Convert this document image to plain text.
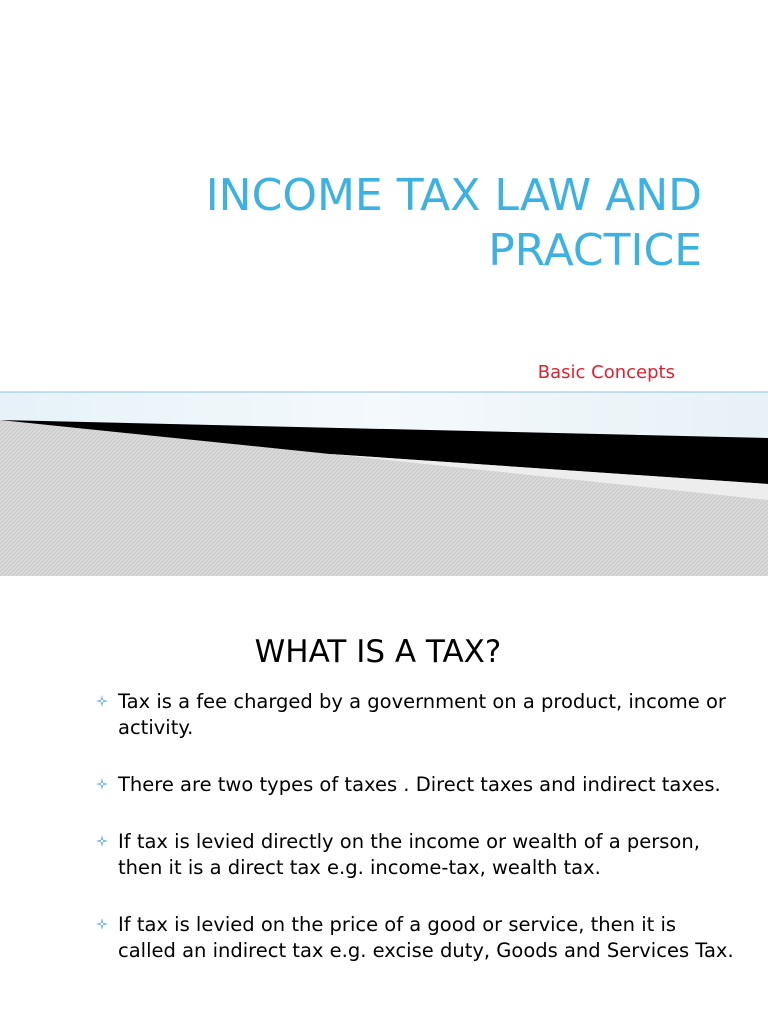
INCOME TAX LAW AND
PRACTICE
Basic Concepts

WHAT IS A TAX?
Tax is a fee charged by a government on a product, income or activity.
There are two types of taxes . Direct taxes and indirect taxes.
If tax is levied directly on the income or wealth of a person, then it is a direct tax e.g. income-tax, wealth tax.
If tax is levied on the price of a good or service, then it is called an indirect tax e.g. excise duty, Goods and Services Tax.
